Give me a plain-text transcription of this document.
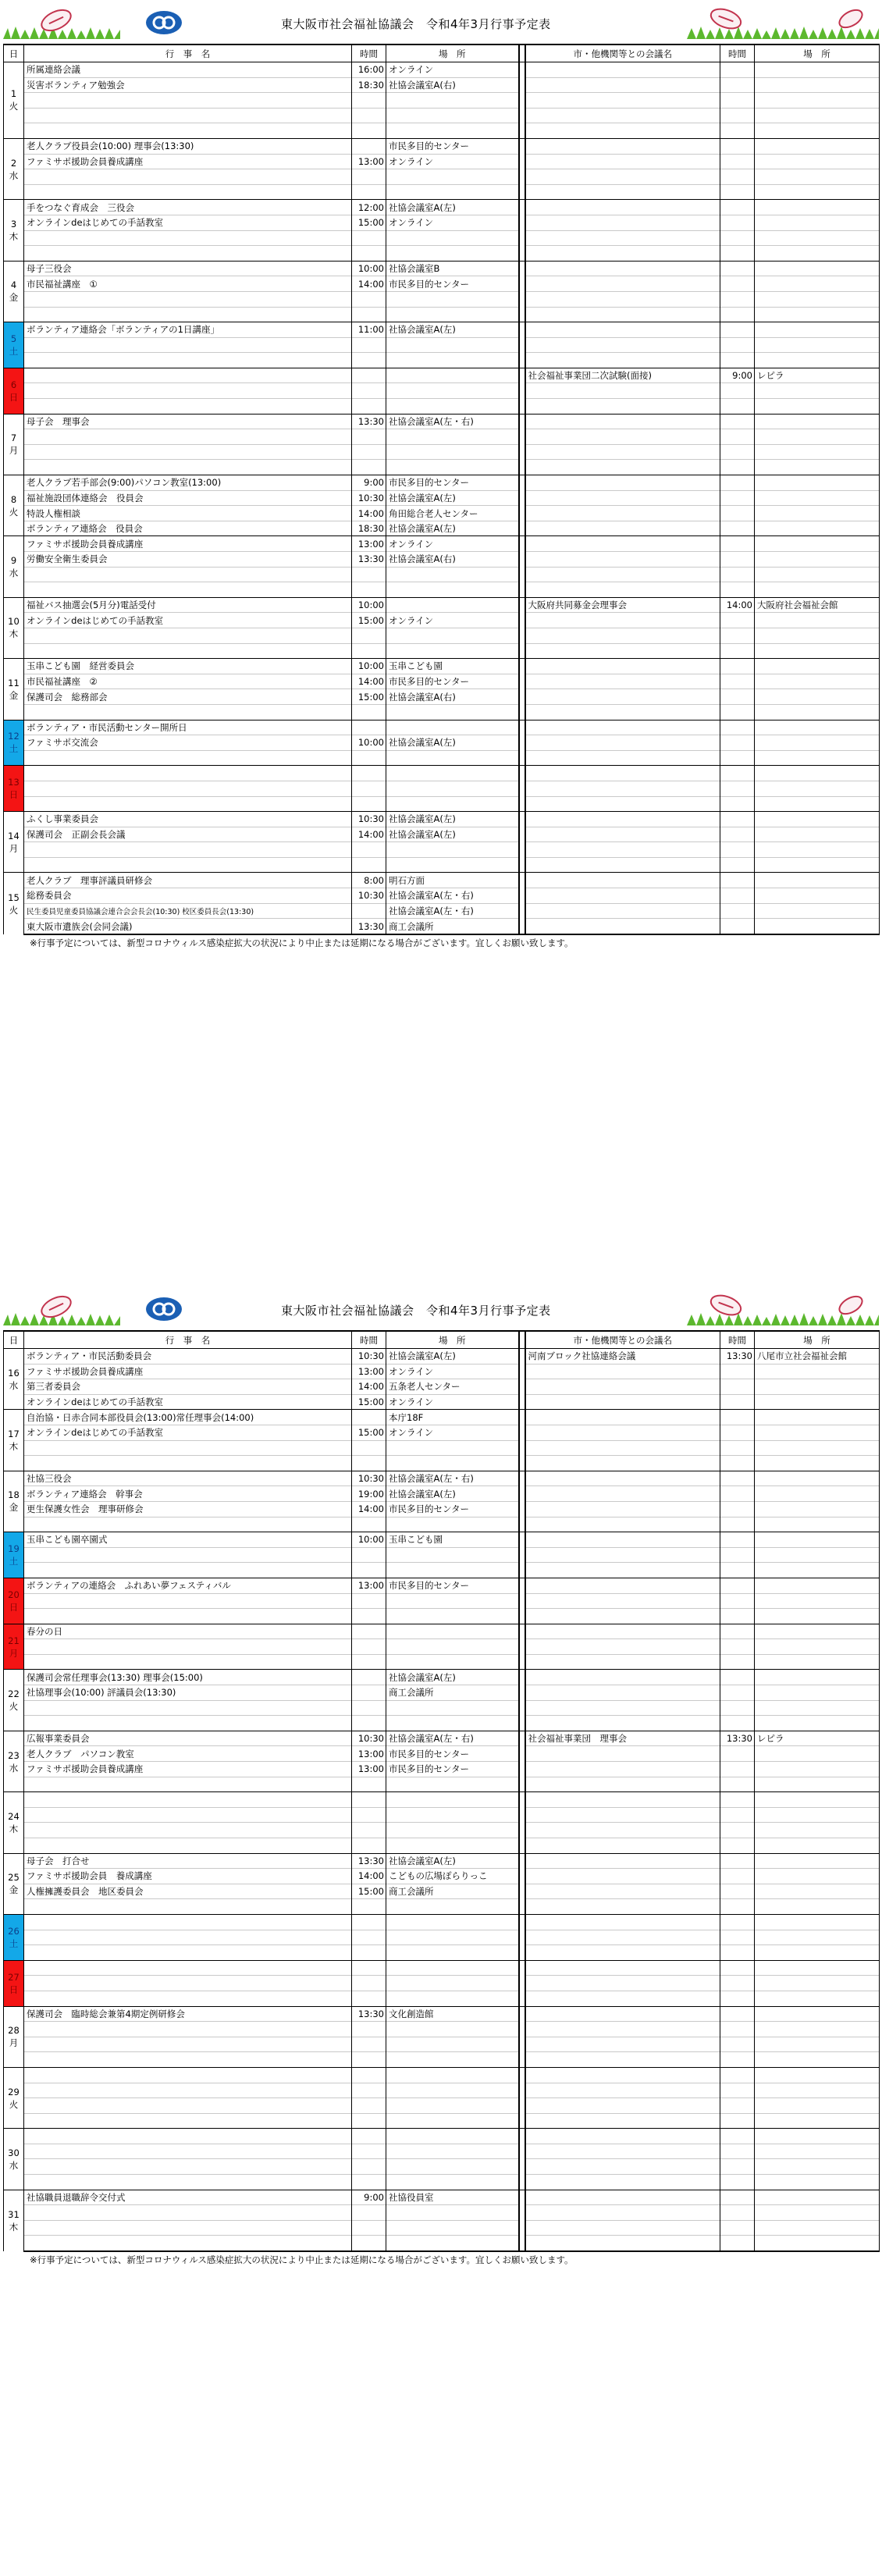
東大阪市社会福祉協議会　令和4年3月行事予定表
日	行　事　名	時間	場　所		市・他機関等との会議名	時間	場　所

1
火	所属連絡会議	16:00	オンライン				
	災害ボランティア勉強会	18:30	社協会議室A(右)				

2
水	老人クラブ役員会(10:00) 理事会(13:30)		市民多目的センター				
	ファミサポ援助会員養成講座	13:00	オンライン				

3
木	手をつなぐ育成会　三役会	12:00	社協会議室A(左)				
	オンラインdeはじめての手話教室	15:00	オンライン				

4
金	母子三役会	10:00	社協会議室B				
	市民福祉講座　①	14:00	市民多目的センター				

5
土	ボランティア連絡会「ボランティアの1日講座」	11:00	社協会議室A(左)				

6
日					社会福祉事業団二次試験(面接)	9:00	レピラ

7
月	母子会　理事会	13:30	社協会議室A(左・右)				

8
火	老人クラブ若手部会(9:00)パソコン教室(13:00)	9:00	市民多目的センター				
	福祉施設団体連絡会　役員会	10:30	社協会議室A(左)				
	特設人権相談	14:00	角田総合老人センター				
	ボランティア連絡会　役員会	18:30	社協会議室A(左)				

9
水	ファミサポ援助会員養成講座	13:00	オンライン				
	労働安全衛生委員会	13:30	社協会議室A(右)				

10
木	福祉バス抽選会(5月分)電話受付	10:00			大阪府共同募金会理事会	14:00	大阪府社会福祉会館
	オンラインdeはじめての手話教室	15:00	オンライン				

11
金	玉串こども園　経営委員会	10:00	玉串こども園				
	市民福祉講座　②	14:00	市民多目的センター				
	保護司会　総務部会	15:00	社協会議室A(右)				

12
土	ボランティア・市民活動センター開所日						
	ファミサポ交流会	10:00	社協会議室A(左)				

13
日							

14
月	ふくし事業委員会	10:30	社協会議室A(左)				
	保護司会　正副会長会議	14:00	社協会議室A(左)				

15
火	老人クラブ　理事評議員研修会	8:00	明石方面				
	総務委員会	10:30	社協会議室A(左・右)				
	民生委員児童委員協議会連合会会長会(10:30) 校区委員長会(13:30)		社協会議室A(左・右)				
	東大阪市遺族会(会同会議)	13:30	商工会議所				
※行事予定については、新型コロナウィルス感染症拡大の状況により中止または延期になる場合がございます。宜しくお願い致します。
東大阪市社会福祉協議会　令和4年3月行事予定表
日	行　事　名	時間	場　所		市・他機関等との会議名	時間	場　所

16
水	ボランティア・市民活動委員会	10:30	社協会議室A(左)		河南ブロック社協連絡会議	13:30	八尾市立社会福祉会館
	ファミサポ援助会員養成講座	13:00	オンライン				
	第三者委員会	14:00	五条老人センター				
	オンラインdeはじめての手話教室	15:00	オンライン				

17
木	自治協・日赤合同本部役員会(13:00)常任理事会(14:00)		本庁18F				
	オンラインdeはじめての手話教室	15:00	オンライン				

18
金	社協三役会	10:30	社協会議室A(左・右)				
	ボランティア連絡会　幹事会	19:00	社協会議室A(左)				
	更生保護女性会　理事研修会	14:00	市民多目的センター				

19
土	玉串こども園卒園式	10:00	玉串こども園				

20
日	ボランティアの連絡会　ふれあい夢フェスティバル	13:00	市民多目的センター				

21
月	春分の日						

22
火	保護司会常任理事会(13:30) 理事会(15:00)		社協会議室A(左)				
	社協理事会(10:00) 評議員会(13:30)		商工会議所				

23
水	広報事業委員会	10:30	社協会議室A(左・右)		社会福祉事業団　理事会	13:30	レピラ
	老人クラブ　パソコン教室	13:00	市民多目的センター				
	ファミサポ援助会員養成講座	13:00	市民多目的センター				

24
木							

25
金	母子会　打合せ	13:30	社協会議室A(左)				
	ファミサポ援助会員　養成講座	14:00	こどもの広場ぽらりっこ				
	人権擁護委員会　地区委員会	15:00	商工会議所				

26
土							

27
日							

28
月	保護司会　臨時総会兼第4期定例研修会	13:30	文化創造館				

29
火							

30
水							

31
木	社協職員退職辞令交付式	9:00	社協役員室				

※行事予定については、新型コロナウィルス感染症拡大の状況により中止または延期になる場合がございます。宜しくお願い致します。
